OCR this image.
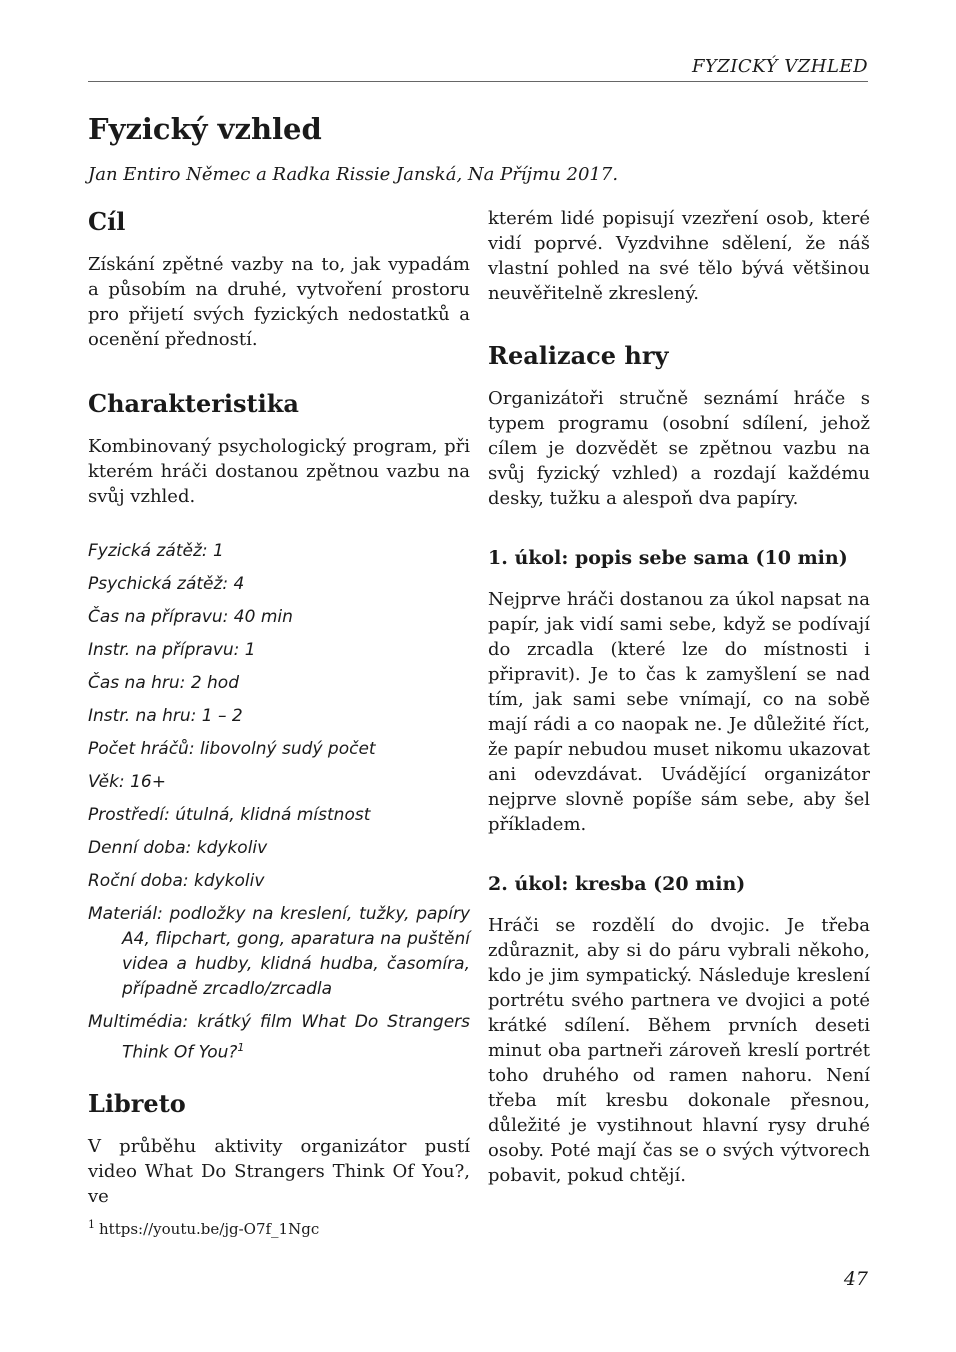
FYZICKÝ VZHLED
Fyzický vzhled

Jan Entiro Němec a Radka Rissie Janská, Na Příjmu 2017.

Cíl

Získání zpětné vazby na to, jak vypadám a působím na druhé, vytvoření prostoru pro přijetí svých fyzických nedostatků a ocenění předností.

Charakteristika

Kombinovaný psychologický program, při kterém hráči dostanou zpětnou vazbu na svůj vzhled.

Fyzická zátěž: 1
Psychická zátěž: 4
Čas na přípravu: 40 min
Instr. na přípravu: 1
Čas na hru: 2 hod
Instr. na hru: 1 – 2
Počet hráčů: libovolný sudý počet
Věk: 16+
Prostředí: útulná, klidná místnost
Denní doba: kdykoliv
Roční doba: kdykoliv
Materiál: podložky na kreslení, tužky, papíry A4, flipchart, gong, aparatura na puštění videa a hudby, klidná hudba, časomíra, případně zrcadlo/zrcadla
Multimédia: krátký film What Do Strangers Think Of You?$^1$
Libreto

V průběhu aktivity organizátor pustí video What Do Strangers Think Of You?, ve

kterém lidé popisují vzezření osob, které vidí poprvé. Vyzdvihne sdělení, že náš vlastní pohled na své tělo bývá většinou neuvěřitelně zkreslený.

Realizace hry

Organizátoři stručně seznámí hráče s typem programu (osobní sdílení, jehož cílem je dozvědět se zpětnou vazbu na svůj fyzický vzhled) a rozdají každému desky, tužku a alespoň dva papíry.

1. úkol: popis sebe sama (10 min)

Nejprve hráči dostanou za úkol napsat na papír, jak vidí sami sebe, když se podívají do zrcadla (které lze do místnosti i připravit). Je to čas k zamyšlení se nad tím, jak sami sebe vnímají, co na sobě mají rádi a co naopak ne. Je důležité říct, že papír nebudou muset nikomu ukazovat ani odevzdávat. Uvádějící organizátor nejprve slovně popíše sám sebe, aby šel příkladem.

2. úkol: kresba (20 min)

Hráči se rozdělí do dvojic. Je třeba zdůraznit, aby si do páru vybrali někoho, kdo je jim sympatický. Následuje kreslení portrétu svého partnera ve dvojici a poté krátké sdílení. Během prvních deseti minut oba partneři zároveň kreslí portrét toho druhého od ramen nahoru. Není třeba mít kresbu dokonale přesnou, důležité je vystihnout hlavní rysy druhé osoby. Poté mají čas se o svých výtvorech pobavit, pokud chtějí.

$^1$ https://youtu.be/jg-O7f_1Ngc
47
